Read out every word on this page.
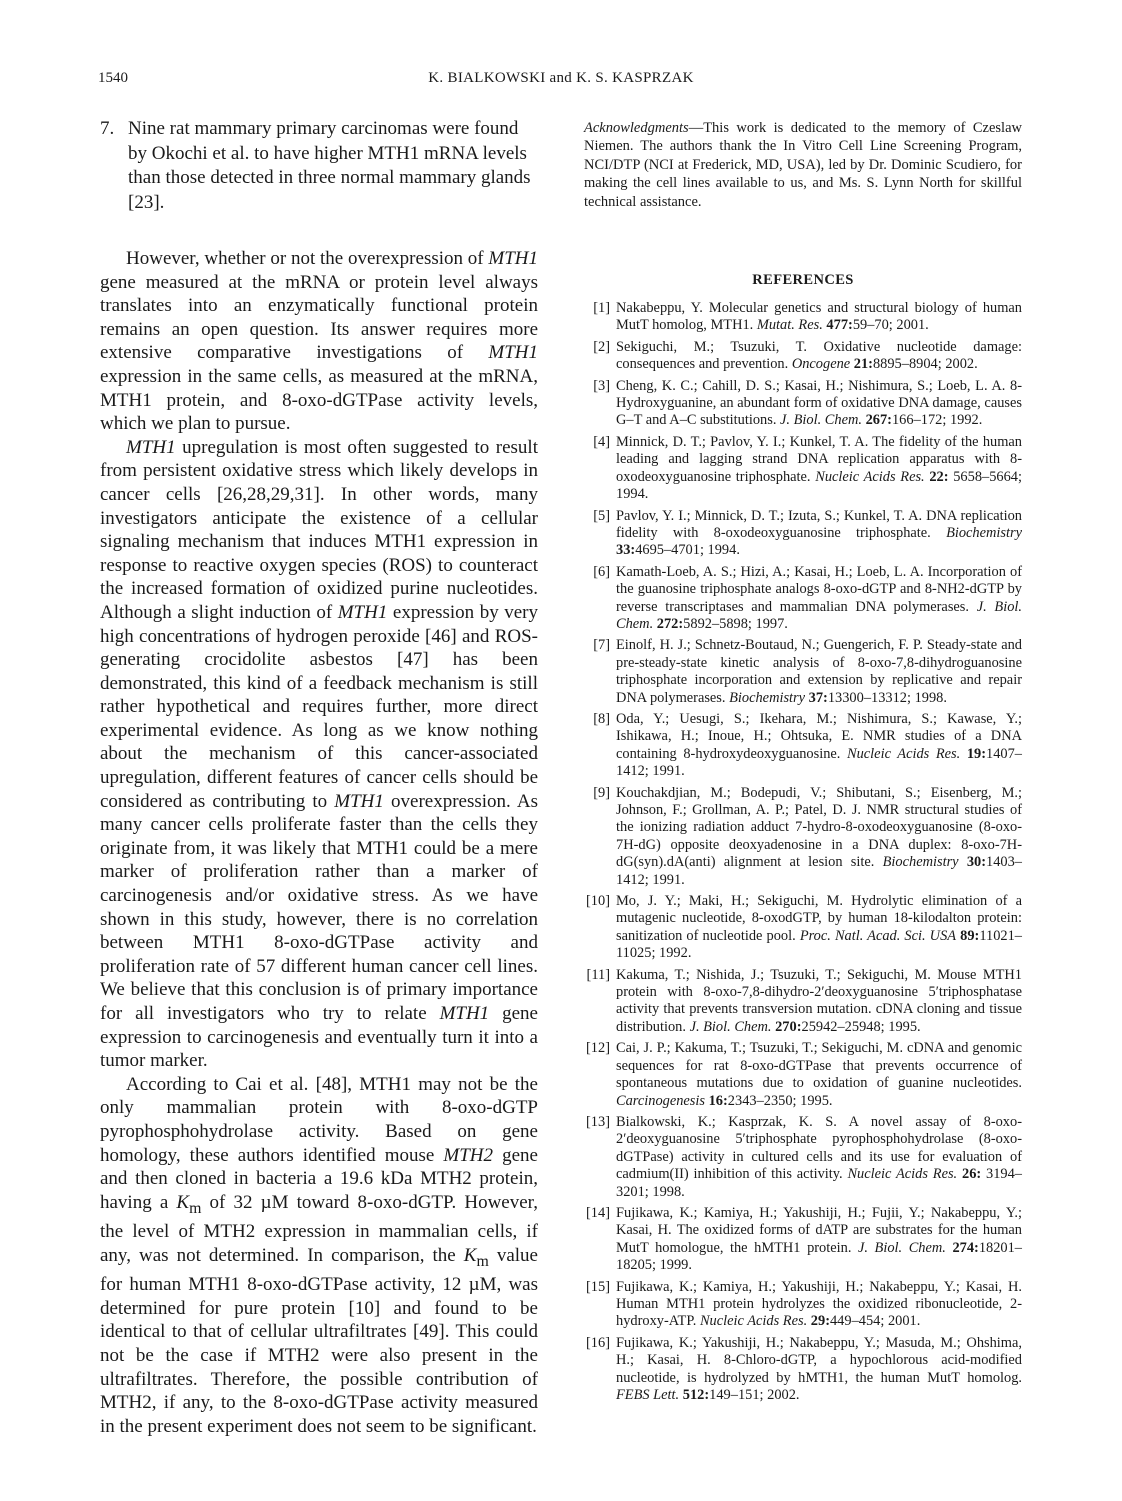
1540	K. BIALKOWSKI and K. S. KASPRZAK
7. Nine rat mammary primary carcinomas were found by Okochi et al. to have higher MTH1 mRNA levels than those detected in three normal mammary glands [23].

However, whether or not the overexpression of MTH1 gene measured at the mRNA or protein level always translates into an enzymatically functional protein remains an open question. Its answer requires more extensive comparative investigations of MTH1 expression in the same cells, as measured at the mRNA, MTH1 protein, and 8-oxo-dGTPase activity levels, which we plan to pursue.

MTH1 upregulation is most often suggested to result from persistent oxidative stress which likely develops in cancer cells [26,28,29,31]. In other words, many investigators anticipate the existence of a cellular signaling mechanism that induces MTH1 expression in response to reactive oxygen species (ROS) to counteract the increased formation of oxidized purine nucleotides. Although a slight induction of MTH1 expression by very high concentrations of hydrogen peroxide [46] and ROS-generating crocidolite asbestos [47] has been demonstrated, this kind of a feedback mechanism is still rather hypothetical and requires further, more direct experimental evidence. As long as we know nothing about the mechanism of this cancer-associated upregulation, different features of cancer cells should be considered as contributing to MTH1 overexpression. As many cancer cells proliferate faster than the cells they originate from, it was likely that MTH1 could be a mere marker of proliferation rather than a marker of carcinogenesis and/or oxidative stress. As we have shown in this study, however, there is no correlation between MTH1 8-oxo-dGTPase activity and proliferation rate of 57 different human cancer cell lines. We believe that this conclusion is of primary importance for all investigators who try to relate MTH1 gene expression to carcinogenesis and eventually turn it into a tumor marker.

According to Cai et al. [48], MTH1 may not be the only mammalian protein with 8-oxo-dGTP pyrophosphohydrolase activity. Based on gene homology, these authors identified mouse MTH2 gene and then cloned in bacteria a 19.6 kDa MTH2 protein, having a $K_m$ of 32 µM toward 8-oxo-dGTP. However, the level of MTH2 expression in mammalian cells, if any, was not determined. In comparison, the $K_m$ value for human MTH1 8-oxo-dGTPase activity, 12 µM, was determined for pure protein [10] and found to be identical to that of cellular ultrafiltrates [49]. This could not be the case if MTH2 were also present in the ultrafiltrates. Therefore, the possible contribution of MTH2, if any, to the 8-oxo-dGTPase activity measured in the present experiment does not seem to be significant.

Acknowledgments—This work is dedicated to the memory of Czeslaw Niemen. The authors thank the In Vitro Cell Line Screening Program, NCI/DTP (NCI at Frederick, MD, USA), led by Dr. Dominic Scudiero, for making the cell lines available to us, and Ms. S. Lynn North for skillful technical assistance.

REFERENCES
[1] Nakabeppu, Y. Molecular genetics and structural biology of human MutT homolog, MTH1. Mutat. Res. 477:59–70; 2001.
[2] Sekiguchi, M.; Tsuzuki, T. Oxidative nucleotide damage: consequences and prevention. Oncogene 21:8895–8904; 2002.
[3] Cheng, K. C.; Cahill, D. S.; Kasai, H.; Nishimura, S.; Loeb, L. A. 8-Hydroxyguanine, an abundant form of oxidative DNA damage, causes G–T and A–C substitutions. J. Biol. Chem. 267:166–172; 1992.
[4] Minnick, D. T.; Pavlov, Y. I.; Kunkel, T. A. The fidelity of the human leading and lagging strand DNA replication apparatus with 8-oxodeoxyguanosine triphosphate. Nucleic Acids Res. 22: 5658–5664; 1994.
[5] Pavlov, Y. I.; Minnick, D. T.; Izuta, S.; Kunkel, T. A. DNA replication fidelity with 8-oxodeoxyguanosine triphosphate. Biochemistry 33:4695–4701; 1994.
[6] Kamath-Loeb, A. S.; Hizi, A.; Kasai, H.; Loeb, L. A. Incorporation of the guanosine triphosphate analogs 8-oxo-dGTP and 8-NH2-dGTP by reverse transcriptases and mammalian DNA polymerases. J. Biol. Chem. 272:5892–5898; 1997.
[7] Einolf, H. J.; Schnetz-Boutaud, N.; Guengerich, F. P. Steady-state and pre-steady-state kinetic analysis of 8-oxo-7,8-dihydroguanosine triphosphate incorporation and extension by replicative and repair DNA polymerases. Biochemistry 37:13300–13312; 1998.
[8] Oda, Y.; Uesugi, S.; Ikehara, M.; Nishimura, S.; Kawase, Y.; Ishikawa, H.; Inoue, H.; Ohtsuka, E. NMR studies of a DNA containing 8-hydroxydeoxyguanosine. Nucleic Acids Res. 19:1407–1412; 1991.
[9] Kouchakdjian, M.; Bodepudi, V.; Shibutani, S.; Eisenberg, M.; Johnson, F.; Grollman, A. P.; Patel, D. J. NMR structural studies of the ionizing radiation adduct 7-hydro-8-oxodeoxyguanosine (8-oxo-7H-dG) opposite deoxyadenosine in a DNA duplex: 8-oxo-7H-dG(syn).dA(anti) alignment at lesion site. Biochemistry 30:1403–1412; 1991.
[10] Mo, J. Y.; Maki, H.; Sekiguchi, M. Hydrolytic elimination of a mutagenic nucleotide, 8-oxodGTP, by human 18-kilodalton protein: sanitization of nucleotide pool. Proc. Natl. Acad. Sci. USA 89:11021–11025; 1992.
[11] Kakuma, T.; Nishida, J.; Tsuzuki, T.; Sekiguchi, M. Mouse MTH1 protein with 8-oxo-7,8-dihydro-2′deoxyguanosine 5′triphosphatase activity that prevents transversion mutation. cDNA cloning and tissue distribution. J. Biol. Chem. 270:25942–25948; 1995.
[12] Cai, J. P.; Kakuma, T.; Tsuzuki, T.; Sekiguchi, M. cDNA and genomic sequences for rat 8-oxo-dGTPase that prevents occurrence of spontaneous mutations due to oxidation of guanine nucleotides. Carcinogenesis 16:2343–2350; 1995.
[13] Bialkowski, K.; Kasprzak, K. S. A novel assay of 8-oxo-2′deoxyguanosine 5′triphosphate pyrophosphohydrolase (8-oxo-dGTPase) activity in cultured cells and its use for evaluation of cadmium(II) inhibition of this activity. Nucleic Acids Res. 26: 3194–3201; 1998.
[14] Fujikawa, K.; Kamiya, H.; Yakushiji, H.; Fujii, Y.; Nakabeppu, Y.; Kasai, H. The oxidized forms of dATP are substrates for the human MutT homologue, the hMTH1 protein. J. Biol. Chem. 274:18201–18205; 1999.
[15] Fujikawa, K.; Kamiya, H.; Yakushiji, H.; Nakabeppu, Y.; Kasai, H. Human MTH1 protein hydrolyzes the oxidized ribonucleotide, 2-hydroxy-ATP. Nucleic Acids Res. 29:449–454; 2001.
[16] Fujikawa, K.; Yakushiji, H.; Nakabeppu, Y.; Masuda, M.; Ohshima, H.; Kasai, H. 8-Chloro-dGTP, a hypochlorous acid-modified nucleotide, is hydrolyzed by hMTH1, the human MutT homolog. FEBS Lett. 512:149–151; 2002.
